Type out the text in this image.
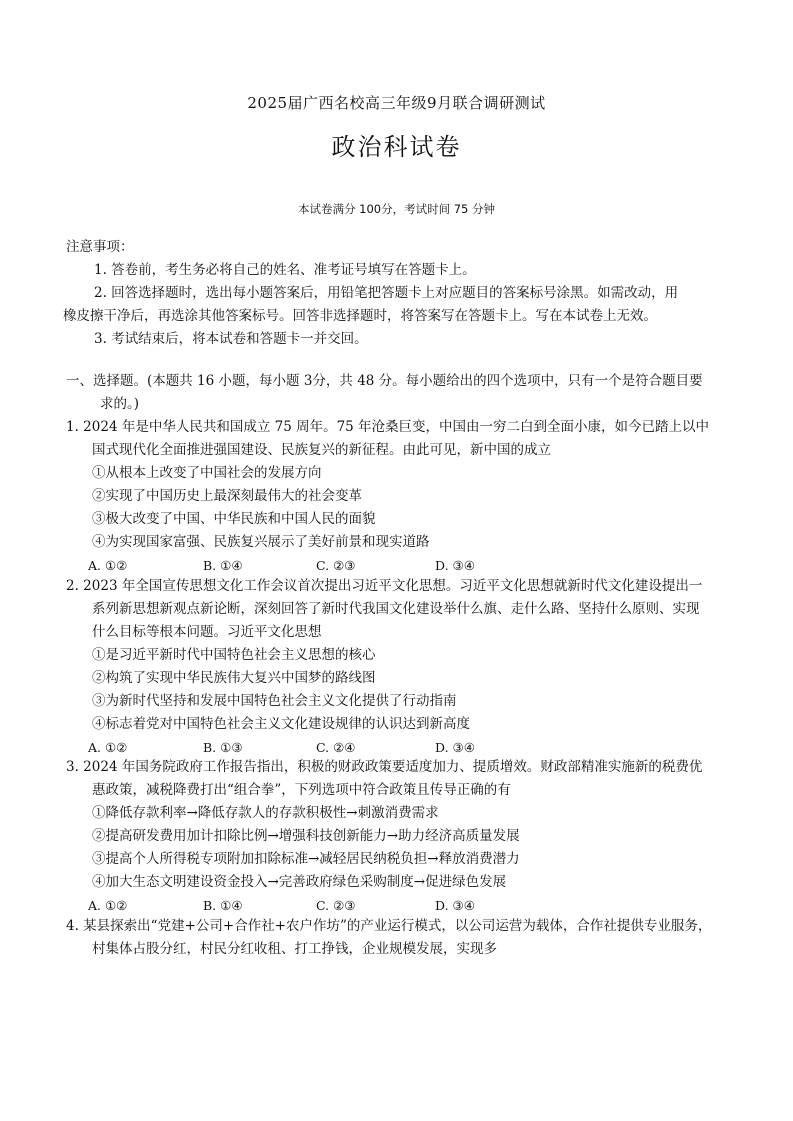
2025届广西名校高三年级9月联合调研测试
政治科试卷
本试卷满分 100分，考试时间 75 分钟
注意事项：
1. 答卷前，考生务必将自己的姓名、准考证号填写在答题卡上。
2. 回答选择题时，选出每小题答案后，用铅笔把答题卡上对应题目的答案标号涂黑。如需改动，用
橡皮擦干净后，再选涂其他答案标号。回答非选择题时，将答案写在答题卡上。写在本试卷上无效。
3. 考试结束后，将本试卷和答题卡一并交回。
一、选择题。(本题共 16 小题，每小题 3分，共 48 分。每小题给出的四个选项中，只有一个是符合题目要
求的。)
1. 2024 年是中华人民共和国成立 75 周年。75 年沧桑巨变，中国由一穷二白到全面小康，如今已踏上以中
国式现代化全面推进强国建设、民族复兴的新征程。由此可见，新中国的成立
①从根本上改变了中国社会的发展方向
②实现了中国历史上最深刻最伟大的社会变革
③极大改变了中国、中华民族和中国人民的面貌
④为实现国家富强、民族复兴展示了美好前景和现实道路
A. ①②	B. ①④	C. ②③	D. ③④
2. 2023 年全国宣传思想文化工作会议首次提出习近平文化思想。习近平文化思想就新时代文化建设提出一
系列新思想新观点新论断，深刻回答了新时代我国文化建设举什么旗、走什么路、坚持什么原则、实现
什么目标等根本问题。习近平文化思想
①是习近平新时代中国特色社会主义思想的核心
②构筑了实现中华民族伟大复兴中国梦的路线图
③为新时代坚持和发展中国特色社会主义文化提供了行动指南
④标志着党对中国特色社会主义文化建设规律的认识达到新高度
A. ①②	B. ①③	C. ②④	D. ③④
3. 2024 年国务院政府工作报告指出，积极的财政政策要适度加力、提质增效。财政部精准实施新的税费优
惠政策，减税降费打出“组合拳”，下列选项中符合政策且传导正确的有
①降低存款利率→降低存款人的存款积极性→刺激消费需求
②提高研发费用加计扣除比例→增强科技创新能力→助力经济高质量发展
③提高个人所得税专项附加扣除标准→减轻居民纳税负担→释放消费潜力
④加大生态文明建设资金投入→完善政府绿色采购制度→促进绿色发展
A. ①②	B. ①④	C. ②③	D. ③④
4. 某县探索出“党建+公司+合作社+农户作坊”的产业运行模式，以公司运营为载体，合作社提供专业服务，
村集体占股分红，村民分红收租、打工挣钱，企业规模发展，实现多
